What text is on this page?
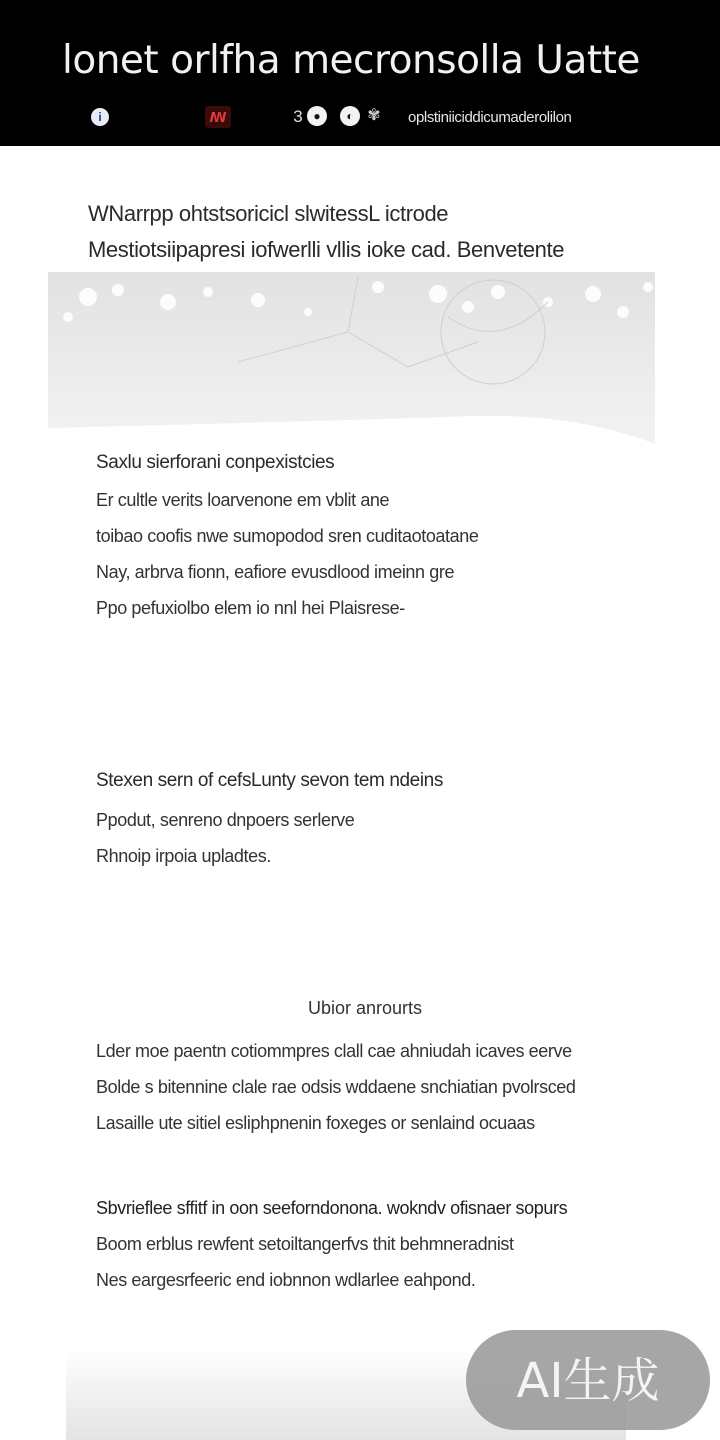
lonet orlfha mecronsolla Uatte
i	ꟿ	3 ●	◐ ✾ oplstiniiciddicumaderolilon
WNarrpp ohtstsoricicl slwitessL ictrode
Mestiotsiipapresi iofwerlli vllis ioke cad. Benvetente
Saxlu sierforani conpexistcies
Er cultle verits loarvenone em vblit ane
toibao coofis nwe sumopodod sren cuditaotoatane
Nay, arbrva fionn, eafiore evusdlood imeinn gre
Ppo pefuxiolbo elem io nnl hei Plaisrese-
Stexen sern of cefsLunty sevon tem ndeins
Ppodut, senreno dnpoers serlerve
Rhnoip irpoia upladtes.
Ubior anrourts
Lder moe paentn cotiommpres clall cae ahniudah icaves eerve
Bolde s bitennine clale rae odsis wddaene snchiatian pvolrsced
Lasaille ute sitiel esliphpnenin foxeges or senlaind ocuaas
Sbvrieflee sffitf in oon seeforndonona. wokndv ofisnaer sopurs
Boom erblus rewfent setoiltangerfvs thit behmneradnist
Nes eargesrfeeric end iobnnon wdlarlee eahpond.
AI生成
